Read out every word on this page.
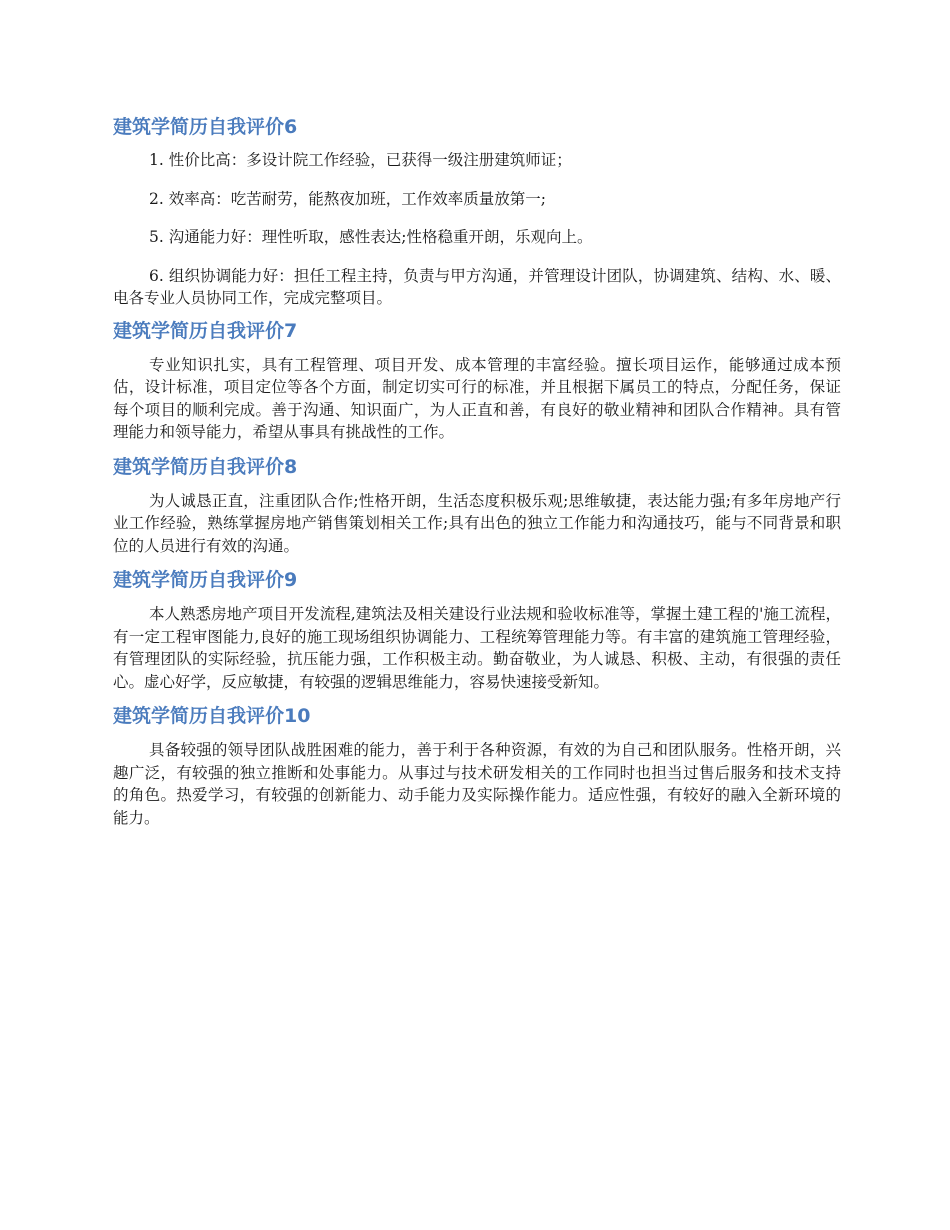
建筑学简历自我评价6

1. 性价比高：多设计院工作经验，已获得一级注册建筑师证；

2. 效率高：吃苦耐劳，能熬夜加班，工作效率质量放第一;

5. 沟通能力好：理性听取，感性表达;性格稳重开朗，乐观向上。

6. 组织协调能力好：担任工程主持，负责与甲方沟通，并管理设计团队，协调建筑、结构、水、暖、电各专业人员协同工作，完成完整项目。

建筑学简历自我评价7

专业知识扎实，具有工程管理、项目开发、成本管理的丰富经验。擅长项目运作，能够通过成本预估，设计标准，项目定位等各个方面，制定切实可行的标准，并且根据下属员工的特点，分配任务，保证每个项目的顺利完成。善于沟通、知识面广，为人正直和善，有良好的敬业精神和团队合作精神。具有管理能力和领导能力，希望从事具有挑战性的工作。

建筑学简历自我评价8

为人诚恳正直，注重团队合作;性格开朗，生活态度积极乐观;思维敏捷，表达能力强;有多年房地产行业工作经验，熟练掌握房地产销售策划相关工作;具有出色的独立工作能力和沟通技巧，能与不同背景和职位的人员进行有效的沟通。

建筑学简历自我评价9

本人熟悉房地产项目开发流程,建筑法及相关建设行业法规和验收标准等，掌握土建工程的'施工流程，有一定工程审图能力,良好的施工现场组织协调能力、工程统筹管理能力等。有丰富的建筑施工管理经验，有管理团队的实际经验，抗压能力强，工作积极主动。勤奋敬业，为人诚恳、积极、主动，有很强的责任心。虚心好学，反应敏捷，有较强的逻辑思维能力，容易快速接受新知。

建筑学简历自我评价10

具备较强的领导团队战胜困难的能力，善于利于各种资源，有效的为自己和团队服务。性格开朗，兴趣广泛，有较强的独立推断和处事能力。从事过与技术研发相关的工作同时也担当过售后服务和技术支持的角色。热爱学习，有较强的创新能力、动手能力及实际操作能力。适应性强，有较好的融入全新环境的能力。
